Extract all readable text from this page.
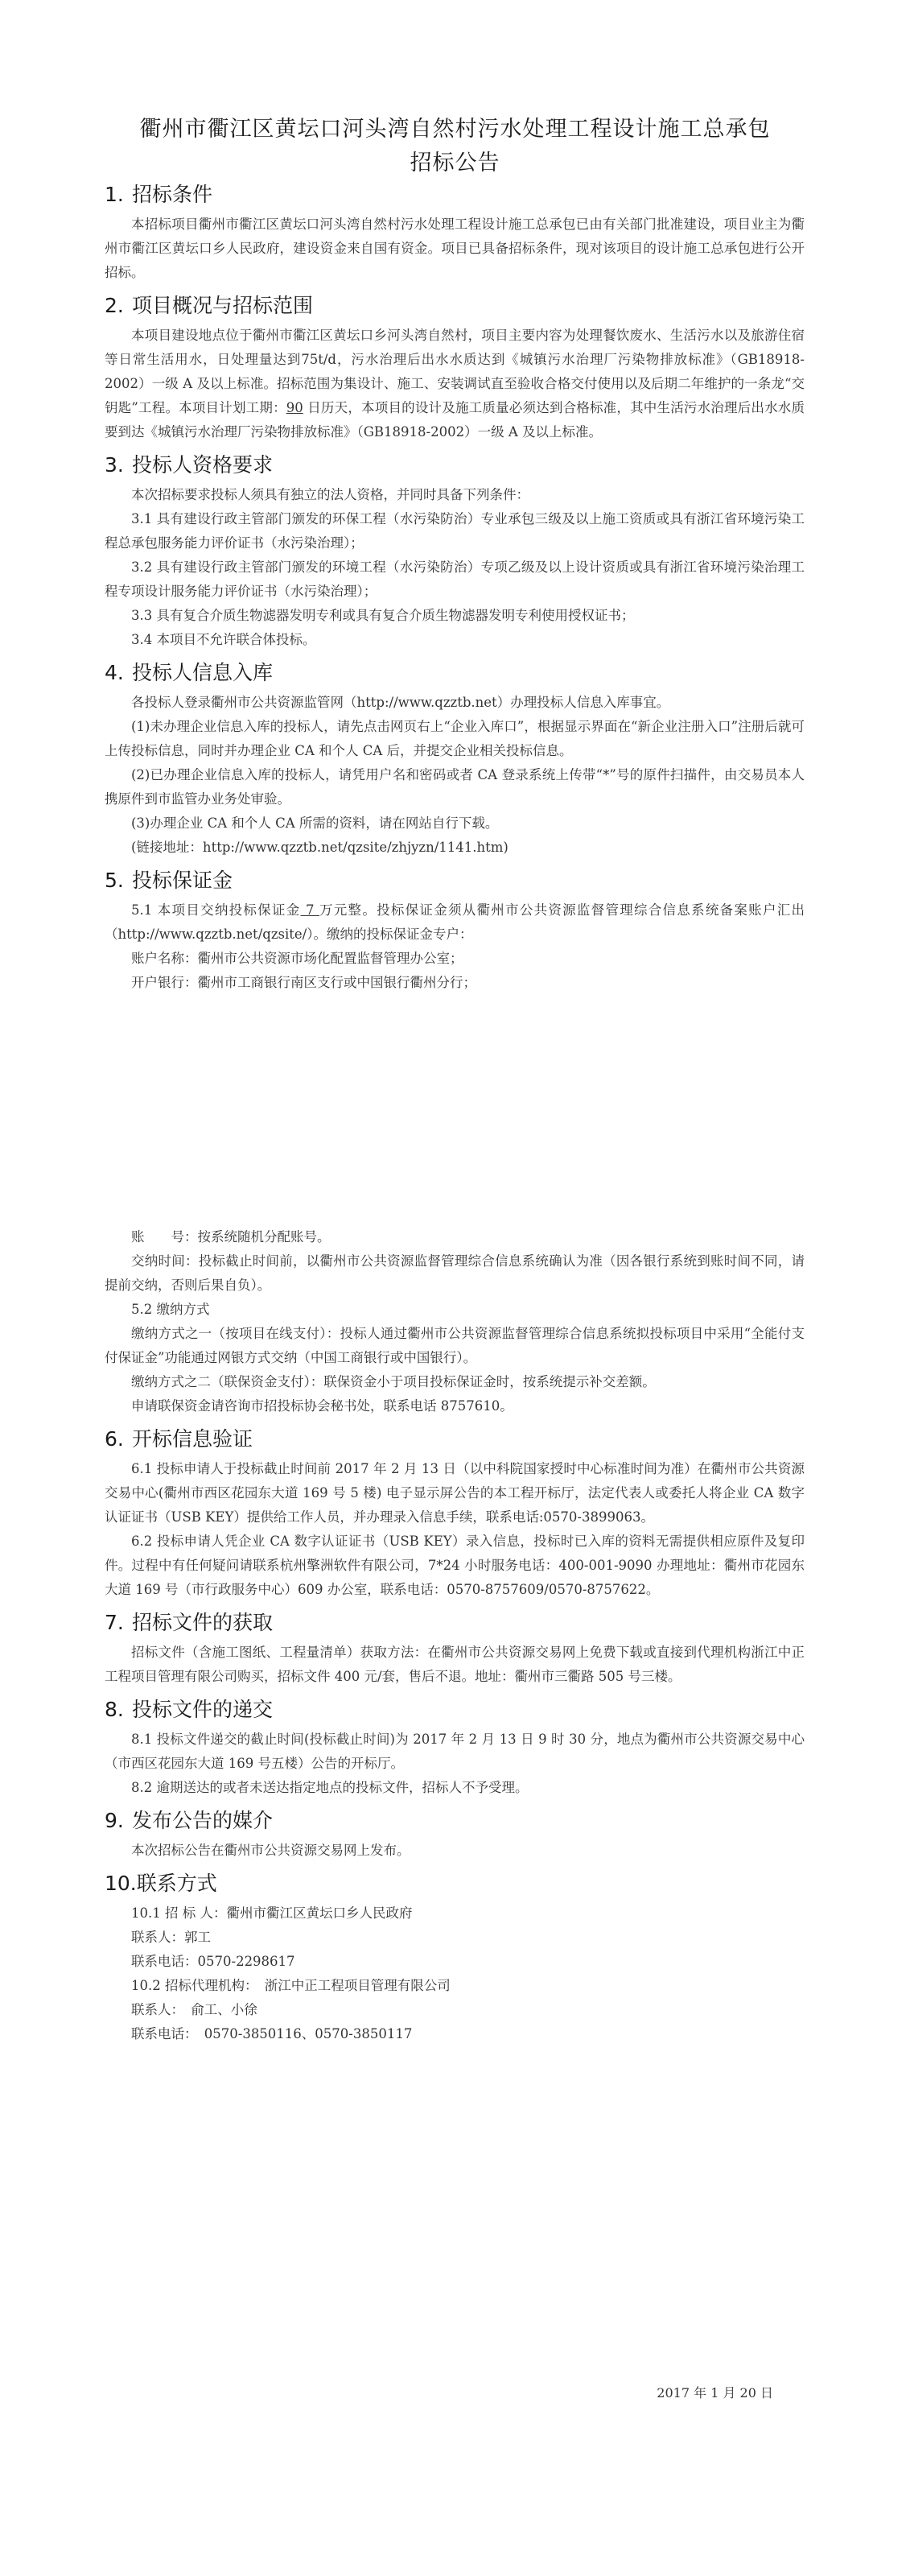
衢州市衢江区黄坛口河头湾自然村污水处理工程设计施工总承包
招标公告
1. 招标条件

本招标项目衢州市衢江区黄坛口河头湾自然村污水处理工程设计施工总承包已由有关部门批准建设，项目业主为衢州市衢江区黄坛口乡人民政府，建设资金来自国有资金。项目已具备招标条件，现对该项目的设计施工总承包进行公开招标。

2. 项目概况与招标范围

本项目建设地点位于衢州市衢江区黄坛口乡河头湾自然村，项目主要内容为处理餐饮废水、生活污水以及旅游住宿等日常生活用水，日处理量达到75t/d，污水治理后出水水质达到《城镇污水治理厂污染物排放标准》（GB18918-2002）一级 A 及以上标准。招标范围为集设计、施工、安装调试直至验收合格交付使用以及后期二年维护的一条龙“交钥匙”工程。本项目计划工期：90 日历天，本项目的设计及施工质量必须达到合格标准，其中生活污水治理后出水水质要到达《城镇污水治理厂污染物排放标准》（GB18918-2002）一级 A 及以上标准。

3. 投标人资格要求

本次招标要求投标人须具有独立的法人资格，并同时具备下列条件：

3.1 具有建设行政主管部门颁发的环保工程（水污染防治）专业承包三级及以上施工资质或具有浙江省环境污染工程总承包服务能力评价证书（水污染治理）；

3.2 具有建设行政主管部门颁发的环境工程（水污染防治）专项乙级及以上设计资质或具有浙江省环境污染治理工程专项设计服务能力评价证书（水污染治理）；

3.3 具有复合介质生物滤器发明专利或具有复合介质生物滤器发明专利使用授权证书；

3.4 本项目不允许联合体投标。

4. 投标人信息入库

各投标人登录衢州市公共资源监管网（http://www.qzztb.net）办理投标人信息入库事宜。

(1)未办理企业信息入库的投标人，请先点击网页右上“企业入库口”，根据显示界面在“新企业注册入口”注册后就可上传投标信息，同时并办理企业 CA 和个人 CA 后，并提交企业相关投标信息。

(2)已办理企业信息入库的投标人，请凭用户名和密码或者 CA 登录系统上传带“*”号的原件扫描件，由交易员本人携原件到市监管办业务处审验。

(3)办理企业 CA 和个人 CA 所需的资料，请在网站自行下载。

(链接地址：http://www.qzztb.net/qzsite/zhjyzn/1141.htm)

5. 投标保证金

5.1 本项目交纳投标保证金 7 万元整。投标保证金须从衢州市公共资源监督管理综合信息系统备案账户汇出（http://www.qzztb.net/qzsite/）。缴纳的投标保证金专户：

账户名称：衢州市公共资源市场化配置监督管理办公室；

开户银行：衢州市工商银行南区支行或中国银行衢州分行；

账　　号：按系统随机分配账号。

交纳时间：投标截止时间前，以衢州市公共资源监督管理综合信息系统确认为准（因各银行系统到账时间不同，请提前交纳，否则后果自负）。

5.2 缴纳方式

缴纳方式之一（按项目在线支付）：投标人通过衢州市公共资源监督管理综合信息系统拟投标项目中采用“全能付支付保证金”功能通过网银方式交纳（中国工商银行或中国银行）。

缴纳方式之二（联保资金支付）：联保资金小于项目投标保证金时，按系统提示补交差额。

申请联保资金请咨询市招投标协会秘书处，联系电话 8757610。

6. 开标信息验证

6.1 投标申请人于投标截止时间前 2017 年 2 月 13 日（以中科院国家授时中心标准时间为准）在衢州市公共资源交易中心(衢州市西区花园东大道 169 号 5 楼) 电子显示屏公告的本工程开标厅，法定代表人或委托人将企业 CA 数字认证证书（USB KEY）提供给工作人员，并办理录入信息手续，联系电话:0570-3899063。

6.2 投标申请人凭企业 CA 数字认证证书（USB KEY）录入信息，投标时已入库的资料无需提供相应原件及复印件。过程中有任何疑问请联系杭州擎洲软件有限公司，7*24 小时服务电话：400-001-9090 办理地址：衢州市花园东大道 169 号（市行政服务中心）609 办公室，联系电话：0570-8757609/0570-8757622。

7. 招标文件的获取

招标文件（含施工图纸、工程量清单）获取方法：在衢州市公共资源交易网上免费下载或直接到代理机构浙江中正工程项目管理有限公司购买，招标文件 400 元/套，售后不退。地址：衢州市三衢路 505 号三楼。

8. 投标文件的递交

8.1 投标文件递交的截止时间(投标截止时间)为 2017 年 2 月 13 日 9 时 30 分，地点为衢州市公共资源交易中心（市西区花园东大道 169 号五楼）公告的开标厅。

8.2 逾期送达的或者未送达指定地点的投标文件，招标人不予受理。

9. 发布公告的媒介

本次招标公告在衢州市公共资源交易网上发布。

10.联系方式

10.1 招 标 人：衢州市衢江区黄坛口乡人民政府

联系人：郭工

联系电话：0570-2298617

10.2 招标代理机构：　浙江中正工程项目管理有限公司

联系人：　俞工、小徐

联系电话：　0570-3850116、0570-3850117

2017 年 1 月 20 日
